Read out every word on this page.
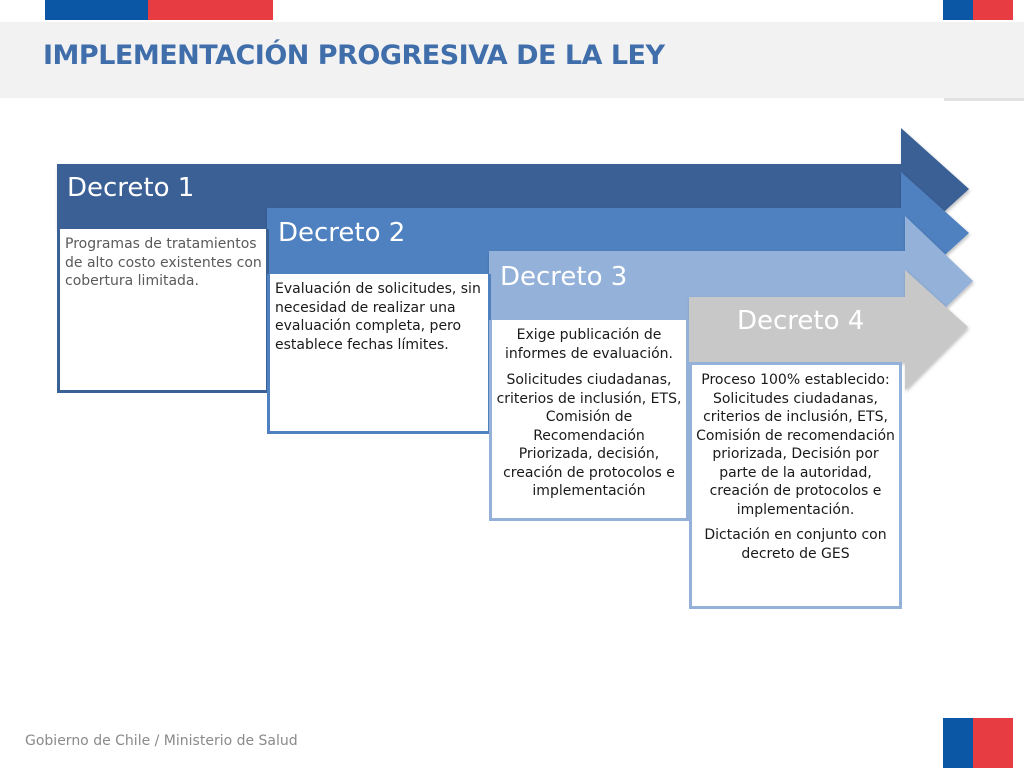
IMPLEMENTACIÓN PROGRESIVA DE LA LEY
Decreto 1
Decreto 2
Decreto 3
Decreto 4

Programas de tratamientos de alto costo existentes con cobertura limitada.	Evaluación de solicitudes, sin necesidad de realizar una evaluación completa, pero establece fechas límites.

Exige publicación de informes de evaluación.

Solicitudes ciudadanas, criterios de inclusión, ETS, Comisión de Recomendación Priorizada, decisión, creación de protocolos e implementación

Proceso 100% establecido: Solicitudes ciudadanas, criterios de inclusión, ETS, Comisión de recomendación priorizada, Decisión por parte de la autoridad, creación de protocolos e implementación.

Dictación en conjunto con decreto de GES

Gobierno de Chile / Ministerio de Salud
